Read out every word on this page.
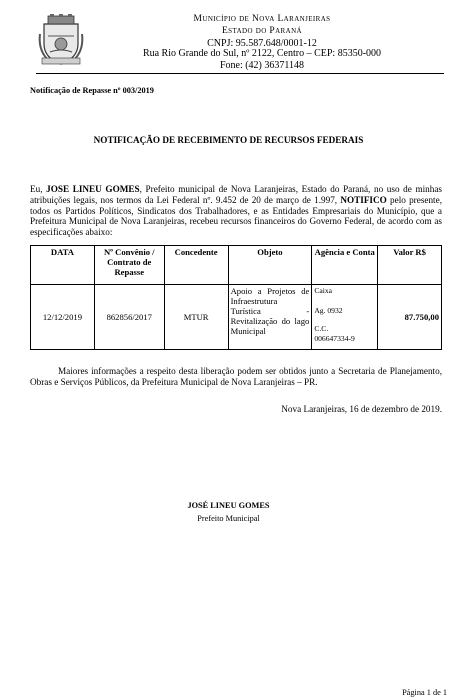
Município de Nova Laranjeiras
Estado do Paraná
CNPJ: 95.587.648/0001-12
Rua Rio Grande do Sul, nº 2122, Centro – CEP: 85350-000
Fone: (42) 36371148
Notificação de Repasse nº 003/2019
NOTIFICAÇÃO DE RECEBIMENTO DE RECURSOS FEDERAIS
Eu, JOSE LINEU GOMES, Prefeito municipal de Nova Laranjeiras, Estado do Paraná, no uso de minhas atribuições legais, nos termos da Lei Federal nº. 9.452 de 20 de março de 1.997, NOTIFICO pelo presente, todos os Partidos Políticos, Sindicatos dos Trabalhadores, e as Entidades Empresariais do Município, que a Prefeitura Municipal de Nova Laranjeiras, recebeu recursos financeiros do Governo Federal, de acordo com as especificações abaixo:
DATA	Nº Convênio / Contrato de Repasse	Concedente	Objeto	Agência e Conta	Valor R$
12/12/2019	862856/2017	MTUR	Apoio a Projetos de Infraestrutura Turística - Revitalização do lago Municipal	Caixa
Ag. 0932
C.C.
006647334-9	87.750,00
Maiores informações a respeito desta liberação podem ser obtidos junto a Secretaria de Planejamento, Obras e Serviços Públicos, da Prefeitura Municipal de Nova Laranjeiras – PR.
Nova Laranjeiras, 16 de dezembro de 2019.
JOSÉ LINEU GOMES
Prefeito Municipal
Página 1 de 1
